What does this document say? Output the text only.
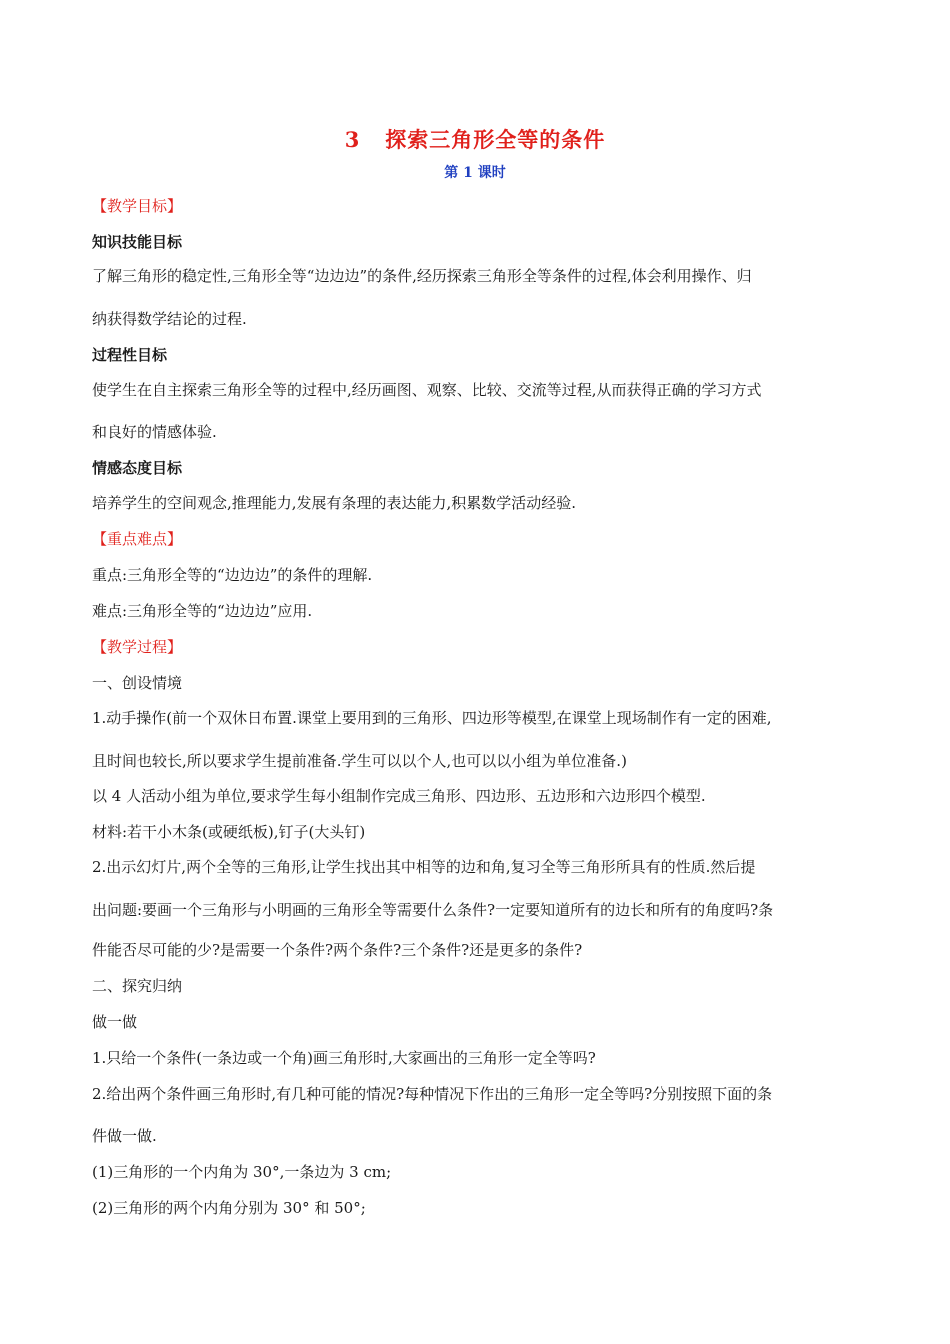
3   探索三角形全等的条件
第 1 课时
【教学目标】
知识技能目标
了解三角形的稳定性,三角形全等“边边边”的条件,经历探索三角形全等条件的过程,体会利用操作、归
纳获得数学结论的过程.
过程性目标
使学生在自主探索三角形全等的过程中,经历画图、观察、比较、交流等过程,从而获得正确的学习方式
和良好的情感体验.
情感态度目标
培养学生的空间观念,推理能力,发展有条理的表达能力,积累数学活动经验.
【重点难点】
重点:三角形全等的“边边边”的条件的理解.
难点:三角形全等的“边边边”应用.
【教学过程】
一、创设情境
1.动手操作(前一个双休日布置.课堂上要用到的三角形、四边形等模型,在课堂上现场制作有一定的困难,
且时间也较长,所以要求学生提前准备.学生可以以个人,也可以以小组为单位准备.)
以 4 人活动小组为单位,要求学生每小组制作完成三角形、四边形、五边形和六边形四个模型.
材料:若干小木条(或硬纸板),钉子(大头钉)
2.出示幻灯片,两个全等的三角形,让学生找出其中相等的边和角,复习全等三角形所具有的性质.然后提
出问题:要画一个三角形与小明画的三角形全等需要什么条件?一定要知道所有的边长和所有的角度吗?条
件能否尽可能的少?是需要一个条件?两个条件?三个条件?还是更多的条件?
二、探究归纳
做一做
1.只给一个条件(一条边或一个角)画三角形时,大家画出的三角形一定全等吗?
2.给出两个条件画三角形时,有几种可能的情况?每种情况下作出的三角形一定全等吗?分别按照下面的条
件做一做.
(1)三角形的一个内角为 30°,一条边为 3 cm;
(2)三角形的两个内角分别为 30° 和 50°;
